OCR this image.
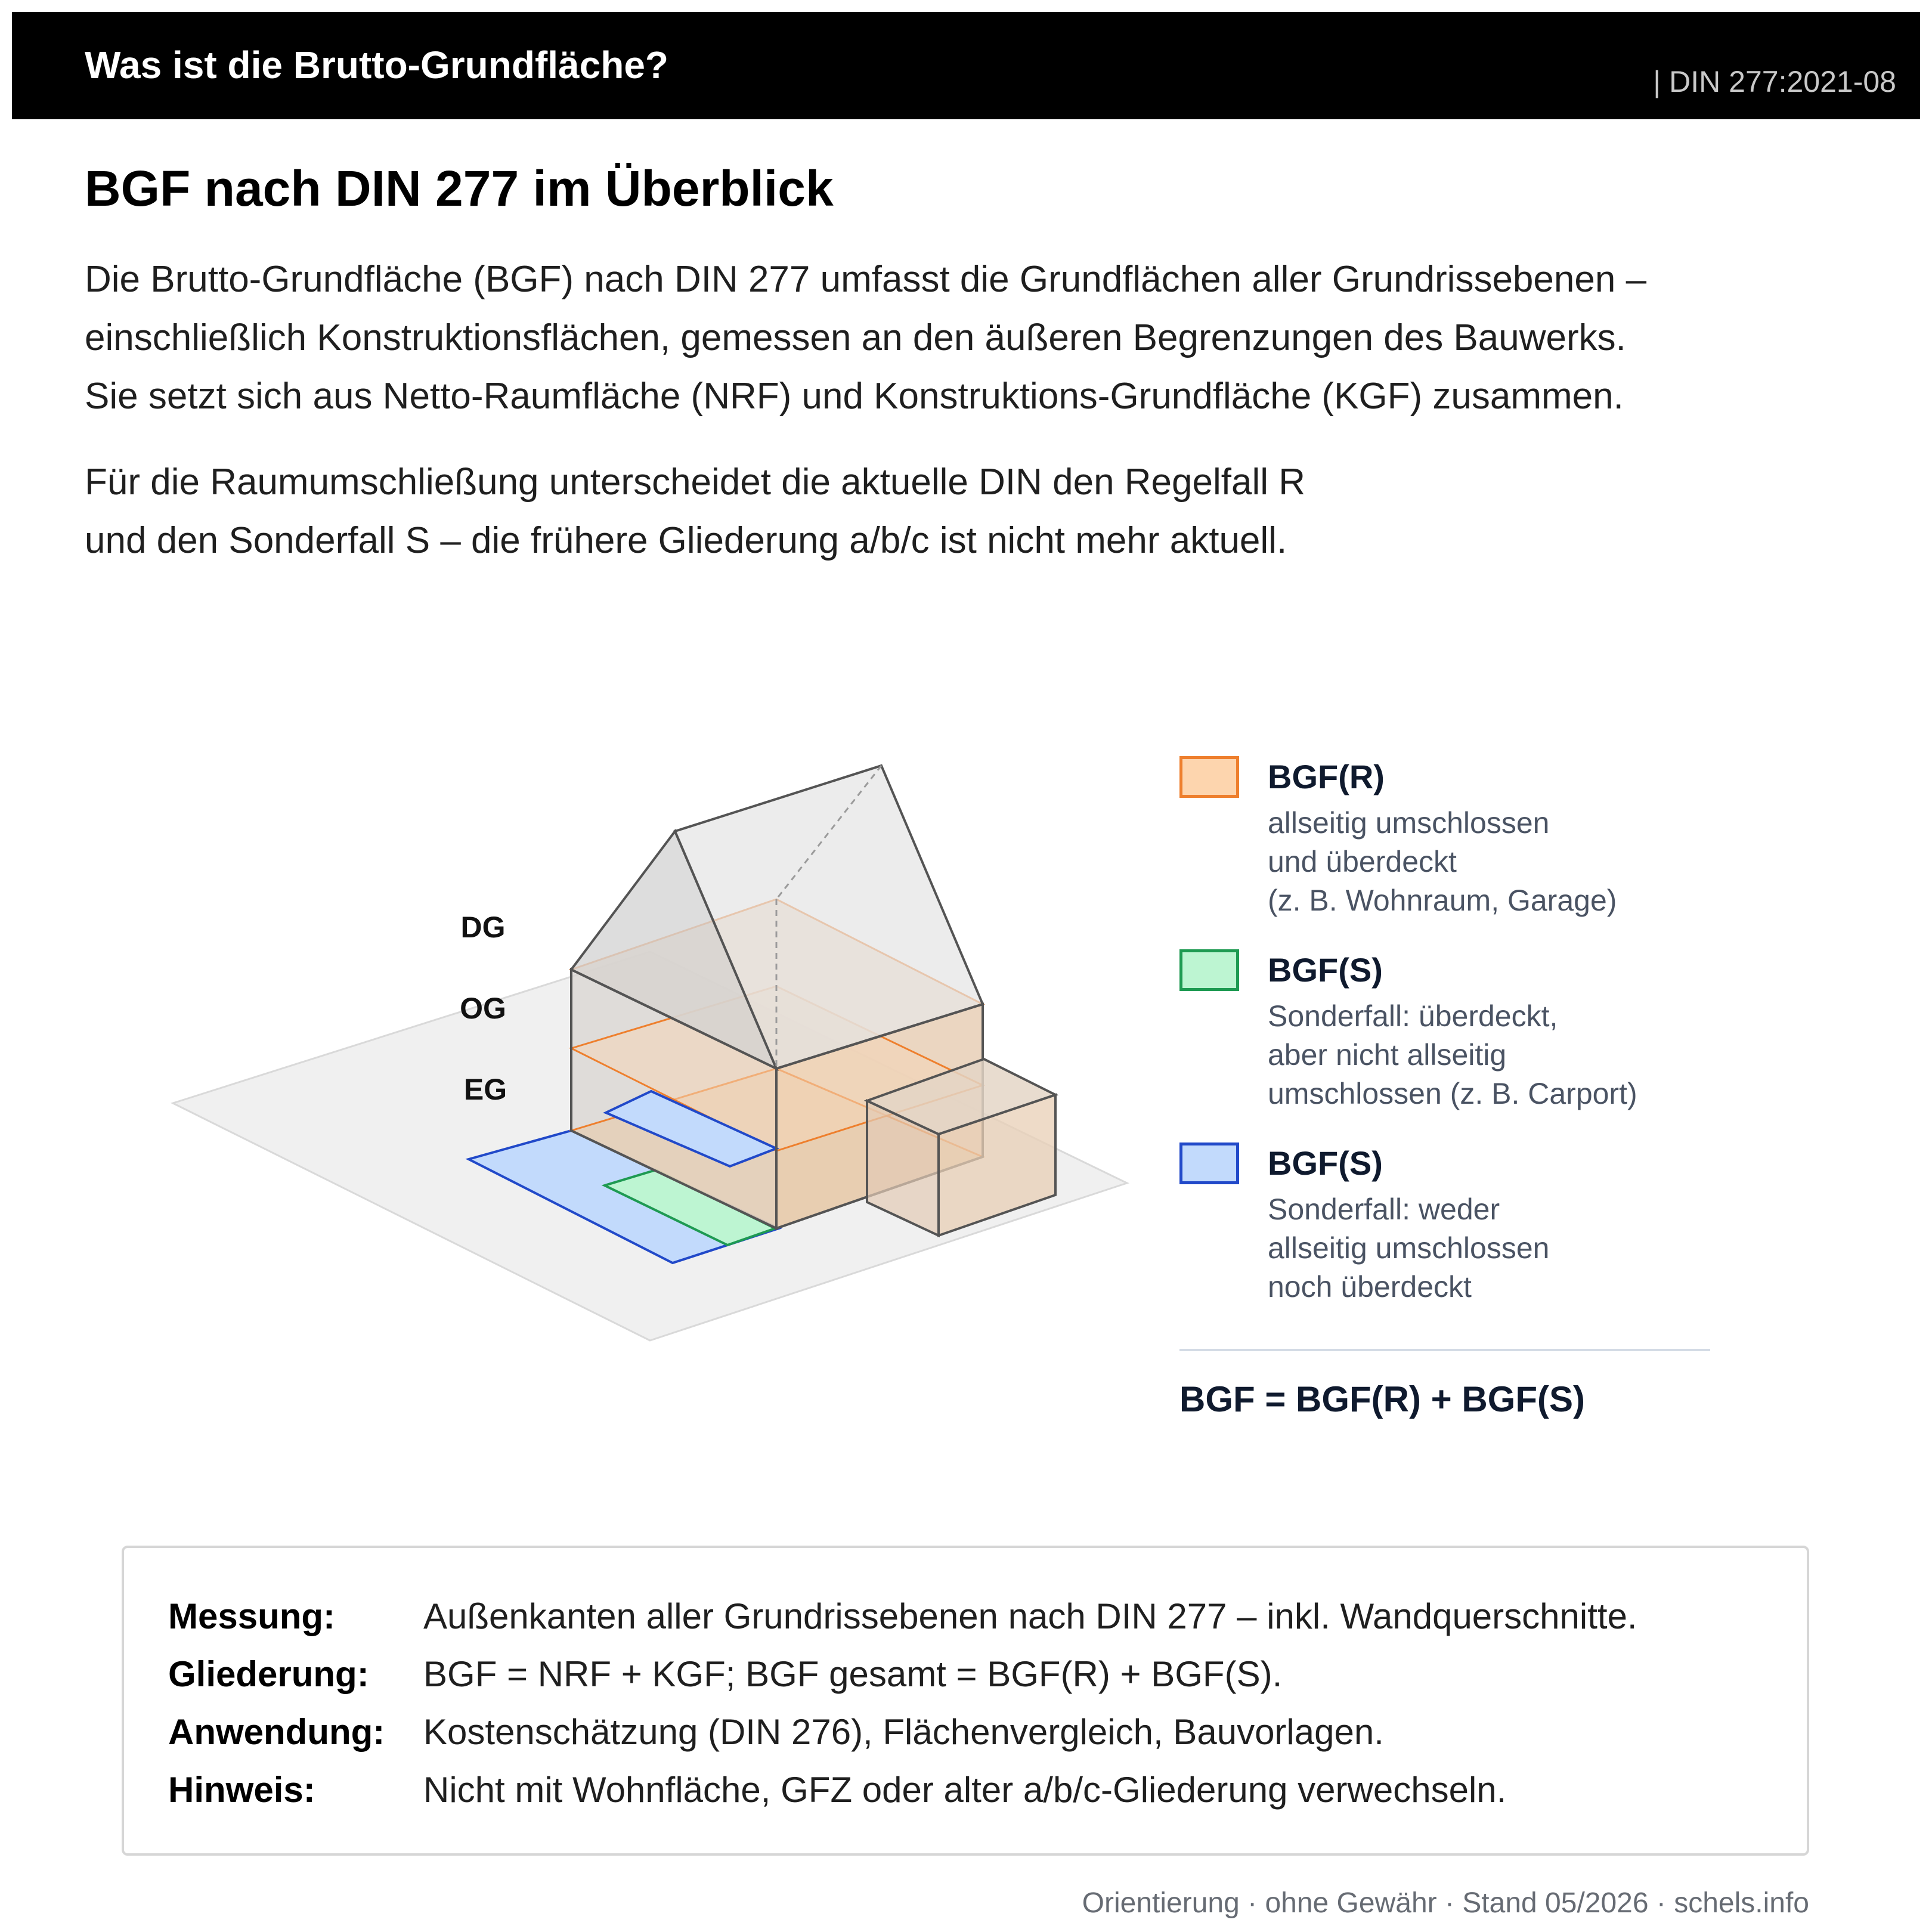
Was ist die Brutto-Grundfläche?	| DIN 277:2021-08
BGF nach DIN 277 im Überblick
Die Brutto-Grundfläche (BGF) nach DIN 277 umfasst die Grundflächen aller Grundrissebenen –
einschließlich Konstruktionsflächen, gemessen an den äußeren Begrenzungen des Bauwerks.
Sie setzt sich aus Netto-Raumfläche (NRF) und Konstruktions-Grundfläche (KGF) zusammen.
Für die Raumumschließung unterscheidet die aktuelle DIN den Regelfall R
und den Sonderfall S – die frühere Gliederung a/b/c ist nicht mehr aktuell.
DG
OG
EG
BGF(R)
allseitig umschlossen
und überdeckt
(z. B. Wohnraum, Garage)
BGF(S)
Sonderfall: überdeckt,
aber nicht allseitig
umschlossen (z. B. Carport)
BGF(S)
Sonderfall: weder
allseitig umschlossen
noch überdeckt
BGF = BGF(R) + BGF(S)
Messung: Außenkanten aller Grundrissebenen nach DIN 277 – inkl. Wandquerschnitte.
Gliederung: BGF = NRF + KGF; BGF gesamt = BGF(R) + BGF(S).
Anwendung: Kostenschätzung (DIN 276), Flächenvergleich, Bauvorlagen.
Hinweis:	Nicht mit Wohnfläche, GFZ oder alter a/b/c-Gliederung verwechseln.
Orientierung · ohne Gewähr · Stand 05/2026 · schels.info
